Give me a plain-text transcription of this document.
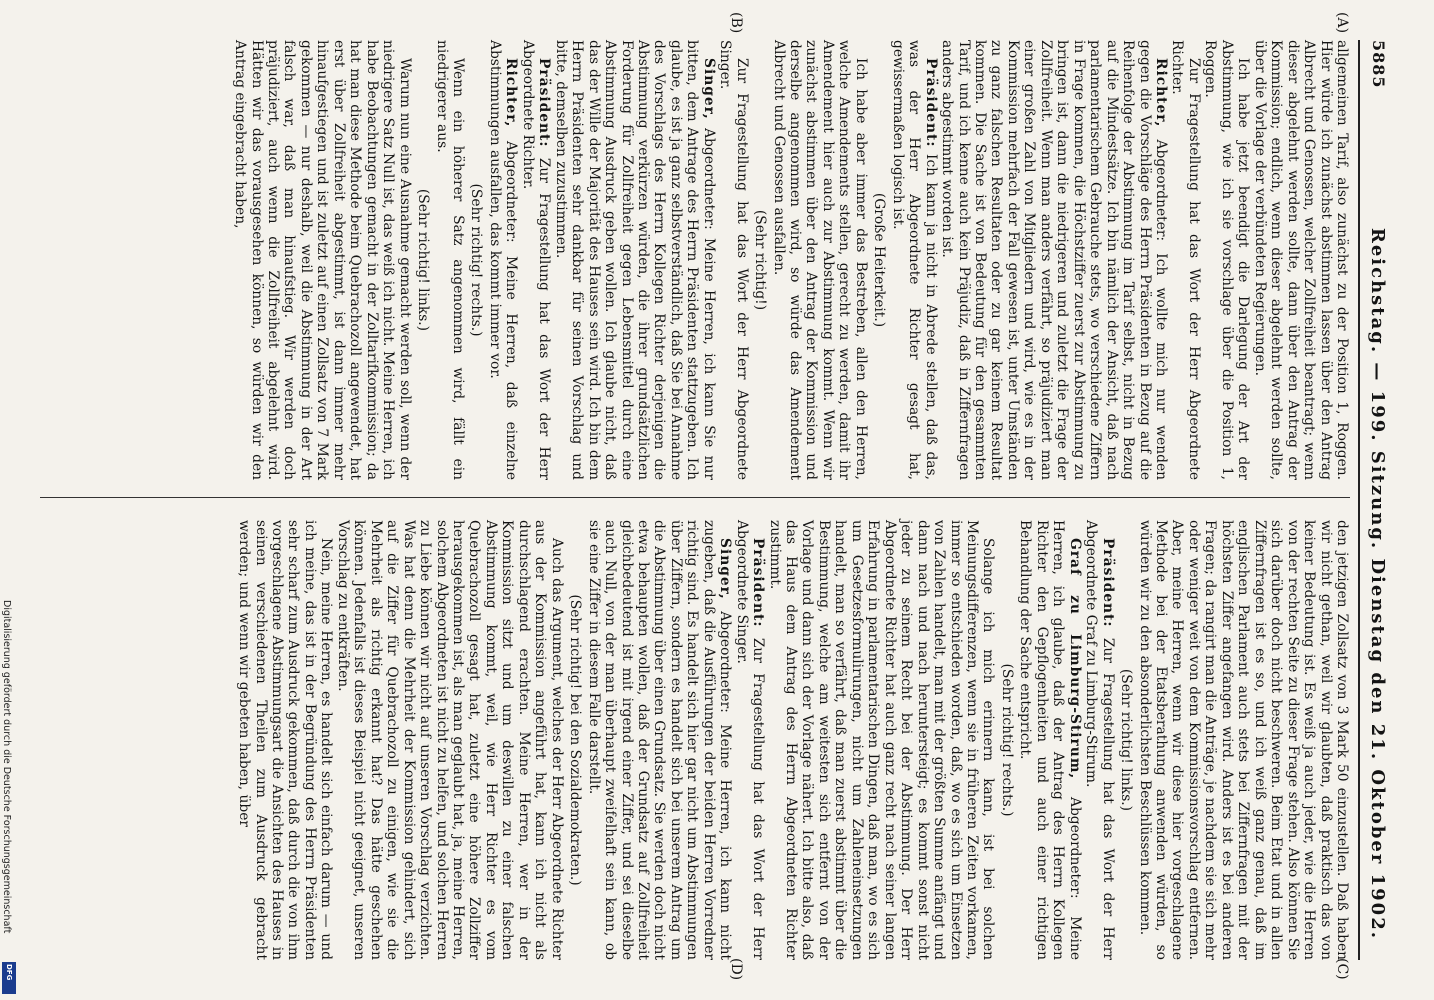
5885
Reichstag. — 199. Sitzung. Dienstag den 21. Oktober 1902.
(A)
(B)
(C)
(D)

allgemeinen Tarif, also zunächst zu der Position 1, Roggen. Hier würde ich zunächst abstimmen lassen über den Antrag Albrecht und Genossen, welcher Zollfreiheit beantragt; wenn dieser abgelehnt werden sollte, dann über den Antrag der Kommission; endlich, wenn dieser abgelehnt werden sollte, über die Vorlage der verbündeten Regierungen.

Ich habe jetzt beendigt die Darlegung der Art der Abstimmung, wie ich sie vorschlage über die Position 1, Roggen.

Zur Fragestellung hat das Wort der Herr Abgeordnete Richter.

Richter, Abgeordneter: Ich wollte mich nur wenden gegen die Vorschläge des Herrn Präsidenten in Bezug auf die Reihenfolge der Abstimmung im Tarif selbst, nicht in Bezug auf die Mindestsätze. Ich bin nämlich der Ansicht, daß nach parlamentarischem Gebrauche stets, wo verschiedene Ziffern in Frage kommen, die Höchstziffer zuerst zur Abstimmung zu bringen ist, dann die niedrigeren und zuletzt die Frage der Zollfreiheit. Wenn man anders verfährt, so präjudiziert man einer großen Zahl von Mitgliedern und wird, wie es in der Kommission mehrfach der Fall gewesen ist, unter Umständen zu ganz falschen Resultaten oder zu gar keinem Resultat kommen. Die Sache ist von Bedeutung für den gesammten Tarif, und ich kenne auch kein Präjudiz, daß in Ziffernfragen anders abgestimmt worden ist.

Präsident: Ich kann ja nicht in Abrede stellen, daß das, was der Herr Abgeordnete Richter gesagt hat, gewissermaßen logisch ist.

(Große Heiterkeit.)

Ich habe aber immer das Bestreben, allen den Herren, welche Amendements stellen, gerecht zu werden, damit ihr Amendement hier auch zur Abstimmung kommt. Wenn wir zunächst abstimmen über den Antrag der Kommission und derselbe angenommen wird, so würde das Amendement Albrecht und Genossen ausfallen.

(Sehr richtig!)

Zur Fragestellung hat das Wort der Herr Abgeordnete Singer.

Singer, Abgeordneter: Meine Herren, ich kann Sie nur bitten, dem Antrage des Herrn Präsidenten stattzugeben. Ich glaube, es ist ja ganz selbstverständlich, daß Sie bei Annahme des Vorschlags des Herrn Kollegen Richter derjenigen die Abstimmung verkürzen würden, die ihrer grundsätzlichen Forderung für Zollfreiheit gegen Lebensmittel durch eine Abstimmung Ausdruck geben wollen. Ich glaube nicht, daß das der Wille der Majorität des Hauses sein wird. Ich bin dem Herrn Präsidenten sehr dankbar für seinen Vorschlag und bitte, demselben zuzustimmen.

Präsident: Zur Fragestellung hat das Wort der Herr Abgeordnete Richter.

Richter, Abgeordneter: Meine Herren, daß einzelne Abstimmungen ausfallen, das kommt immer vor.

(Sehr richtig! rechts.)

Wenn ein höherer Satz angenommen wird, fällt ein niedrigerer aus.

(Sehr richtig! links.)

Warum nun eine Ausnahme gemacht werden soll, wenn der niedrigere Satz Null ist, das weiß ich nicht. Meine Herren, ich habe Beobachtungen gemacht in der Zolltarifkommission; da hat man diese Methode beim Quebrachozoll angewendet, hat erst über Zollfreiheit abgestimmt, ist dann immer mehr hinaufgestiegen und ist zuletzt auf einen Zollsatz von 7 Mark gekommen — nur deshalb, weil die Abstimmung in der Art falsch war, daß man hinaufstieg. Wir werden doch präjudiziert, auch wenn die Zollfreiheit abgelehnt wird. Hätten wir das vorausgesehen können, so würden wir den Antrag eingebracht haben,

den jetzigen Zollsatz von 3 Mark 50 einzustellen. Daß haben wir nicht gethan, weil wir glaubten, daß praktisch das von keiner Bedeutung ist. Es weiß ja auch jeder, wie die Herren von der rechten Seite zu dieser Frage stehen. Also können Sie sich darüber doch nicht beschweren. Beim Etat und in allen Ziffernfragen ist es so, und ich weiß ganz genau, daß im englischen Parlament auch stets bei Ziffernfragen mit der höchsten Ziffer angefangen wird. Anders ist es bei anderen Fragen; da rangirt man die Anträge, je nachdem sie sich mehr oder weniger weit von dem Kommissionsvorschlag entfernen. Aber, meine Herren, wenn wir diese hier vorgeschlagene Methode bei der Etatsberathung anwenden würden, so würden wir zu den absonderlichsten Beschlüssen kommen.

(Sehr richtig! links.)

Präsident: Zur Fragestellung hat das Wort der Herr Abgeordnete Graf zu Limburg-Stirum.

Graf zu Limburg-Stirum, Abgeordneter: Meine Herren, ich glaube, daß der Antrag des Herrn Kollegen Richter den Gepflogenheiten und auch einer richtigen Behandlung der Sache entspricht.

(Sehr richtig! rechts.)

Solange ich mich erinnern kann, ist bei solchen Meinungsdifferenzen, wenn sie in früheren Zeiten vorkamen, immer so entschieden worden, daß, wo es sich um Einsetzen von Zahlen handelt, man mit der größten Summe anfängt und dann nach und nach heruntersteigt; es kommt sonst nicht jeder zu seinem Recht bei der Abstimmung. Der Herr Abgeordnete Richter hat auch ganz recht nach seiner langen Erfahrung in parlamentarischen Dingen, daß man, wo es sich um Gesetzesformulirungen, nicht um Zahleneinsetzungen handelt, man so verfährt, daß man zuerst abstimmt über die Bestimmung, welche am weitesten sich entfernt von der Vorlage und dann sich der Vorlage nähert. Ich bitte also, daß das Haus dem Antrag des Herrn Abgeordneten Richter zustimmt.

Präsident: Zur Fragestellung hat das Wort der Herr Abgeordnete Singer.

Singer, Abgeordneter: Meine Herren, ich kann nicht zugeben, daß die Ausführungen der beiden Herren Vorredner richtig sind. Es handelt sich hier gar nicht um Abstimmungen über Ziffern, sondern es handelt sich bei unserem Antrag um die Abstimmung über einen Grundsatz. Sie werden doch nicht etwa behaupten wollen, daß der Grundsatz auf Zollfreiheit gleichbedeutend ist mit irgend einer Ziffer, und sei dieselbe auch Null, von der man überhaupt zweifelhaft sein kann, ob sie eine Ziffer in diesem Falle darstellt.

(Sehr richtig! bei den Sozialdemokraten.)

Auch das Argument, welches der Herr Abgeordnete Richter aus der Kommission angeführt hat, kann ich nicht als durchschlagend erachten. Meine Herren, wer in der Kommission sitzt und um deswillen zu einer falschen Abstimmung kommt, weil, wie Herr Richter es vom Quebrachozoll gesagt hat, zuletzt eine höhere Zollziffer herausgekommen ist, als man geglaubt hat, ja, meine Herren, solchem Abgeordneten ist nicht zu helfen, und solchen Herren zu Liebe können wir nicht auf unseren Vorschlag verzichten. Was hat denn die Mehrheit der Kommission gehindert, sich auf die Ziffer für Quebrachozoll zu einigen, wie sie die Mehrheit als richtig erkannt hat? Das hätte geschehen können. Jedenfalls ist dieses Beispiel nicht geeignet, unseren Vorschlag zu entkräften.

Nein, meine Herren, es handelt sich einfach darum — und ich meine, das ist in der Begründung des Herrn Präsidenten sehr scharf zum Ausdruck gekommen, daß durch die von ihm vorgeschlagene Abstimmungsart die Ansichten des Hauses in seinen verschiedenen Theilen zum Ausdruck gebracht werden; und wenn wir gebeten haben, über

Digitalisierung gefördert durch die Deutsche Forschungsgemeinschaft
DFG
